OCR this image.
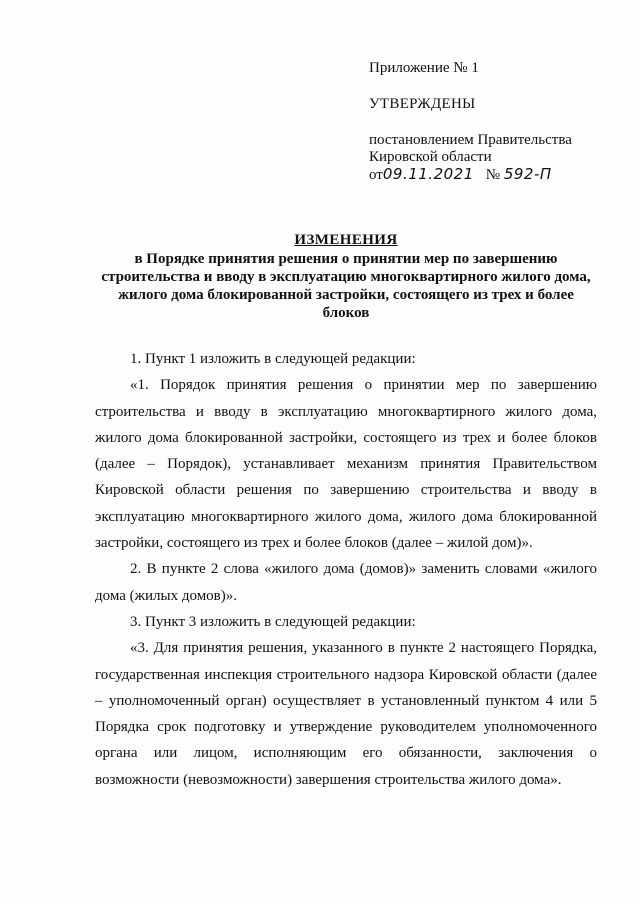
Приложение № 1
УТВЕРЖДЕНЫ
постановлением Правительства
Кировской области
от09.11.2021 № 592-П
ИЗМЕНЕНИЯ
в Порядке принятия решения о принятии мер по завершению строительства и вводу в эксплуатацию многоквартирного жилого дома, жилого дома блокированной застройки, состоящего из трех и более блоков

1. Пункт 1 изложить в следующей редакции:

«1. Порядок принятия решения о принятии мер по завершению строительства и вводу в эксплуатацию многоквартирного жилого дома, жилого дома блокированной застройки, состоящего из трех и более блоков (далее – Порядок), устанавливает механизм принятия Правительством Кировской области решения по завершению строительства и вводу в эксплуатацию многоквартирного жилого дома, жилого дома блокированной застройки, состоящего из трех и более блоков (далее – жилой дом)».

2. В пункте 2 слова «жилого дома (домов)» заменить словами «жилого дома (жилых домов)».

3. Пункт 3 изложить в следующей редакции:

«3. Для принятия решения, указанного в пункте 2 настоящего Порядка, государственная инспекция строительного надзора Кировской области (далее – уполномоченный орган) осуществляет в установленный пунктом 4 или 5 Порядка срок подготовку и утверждение руководителем уполномоченного органа или лицом, исполняющим его обязанности, заключения о возможности (невозможности) завершения строительства жилого дома».
